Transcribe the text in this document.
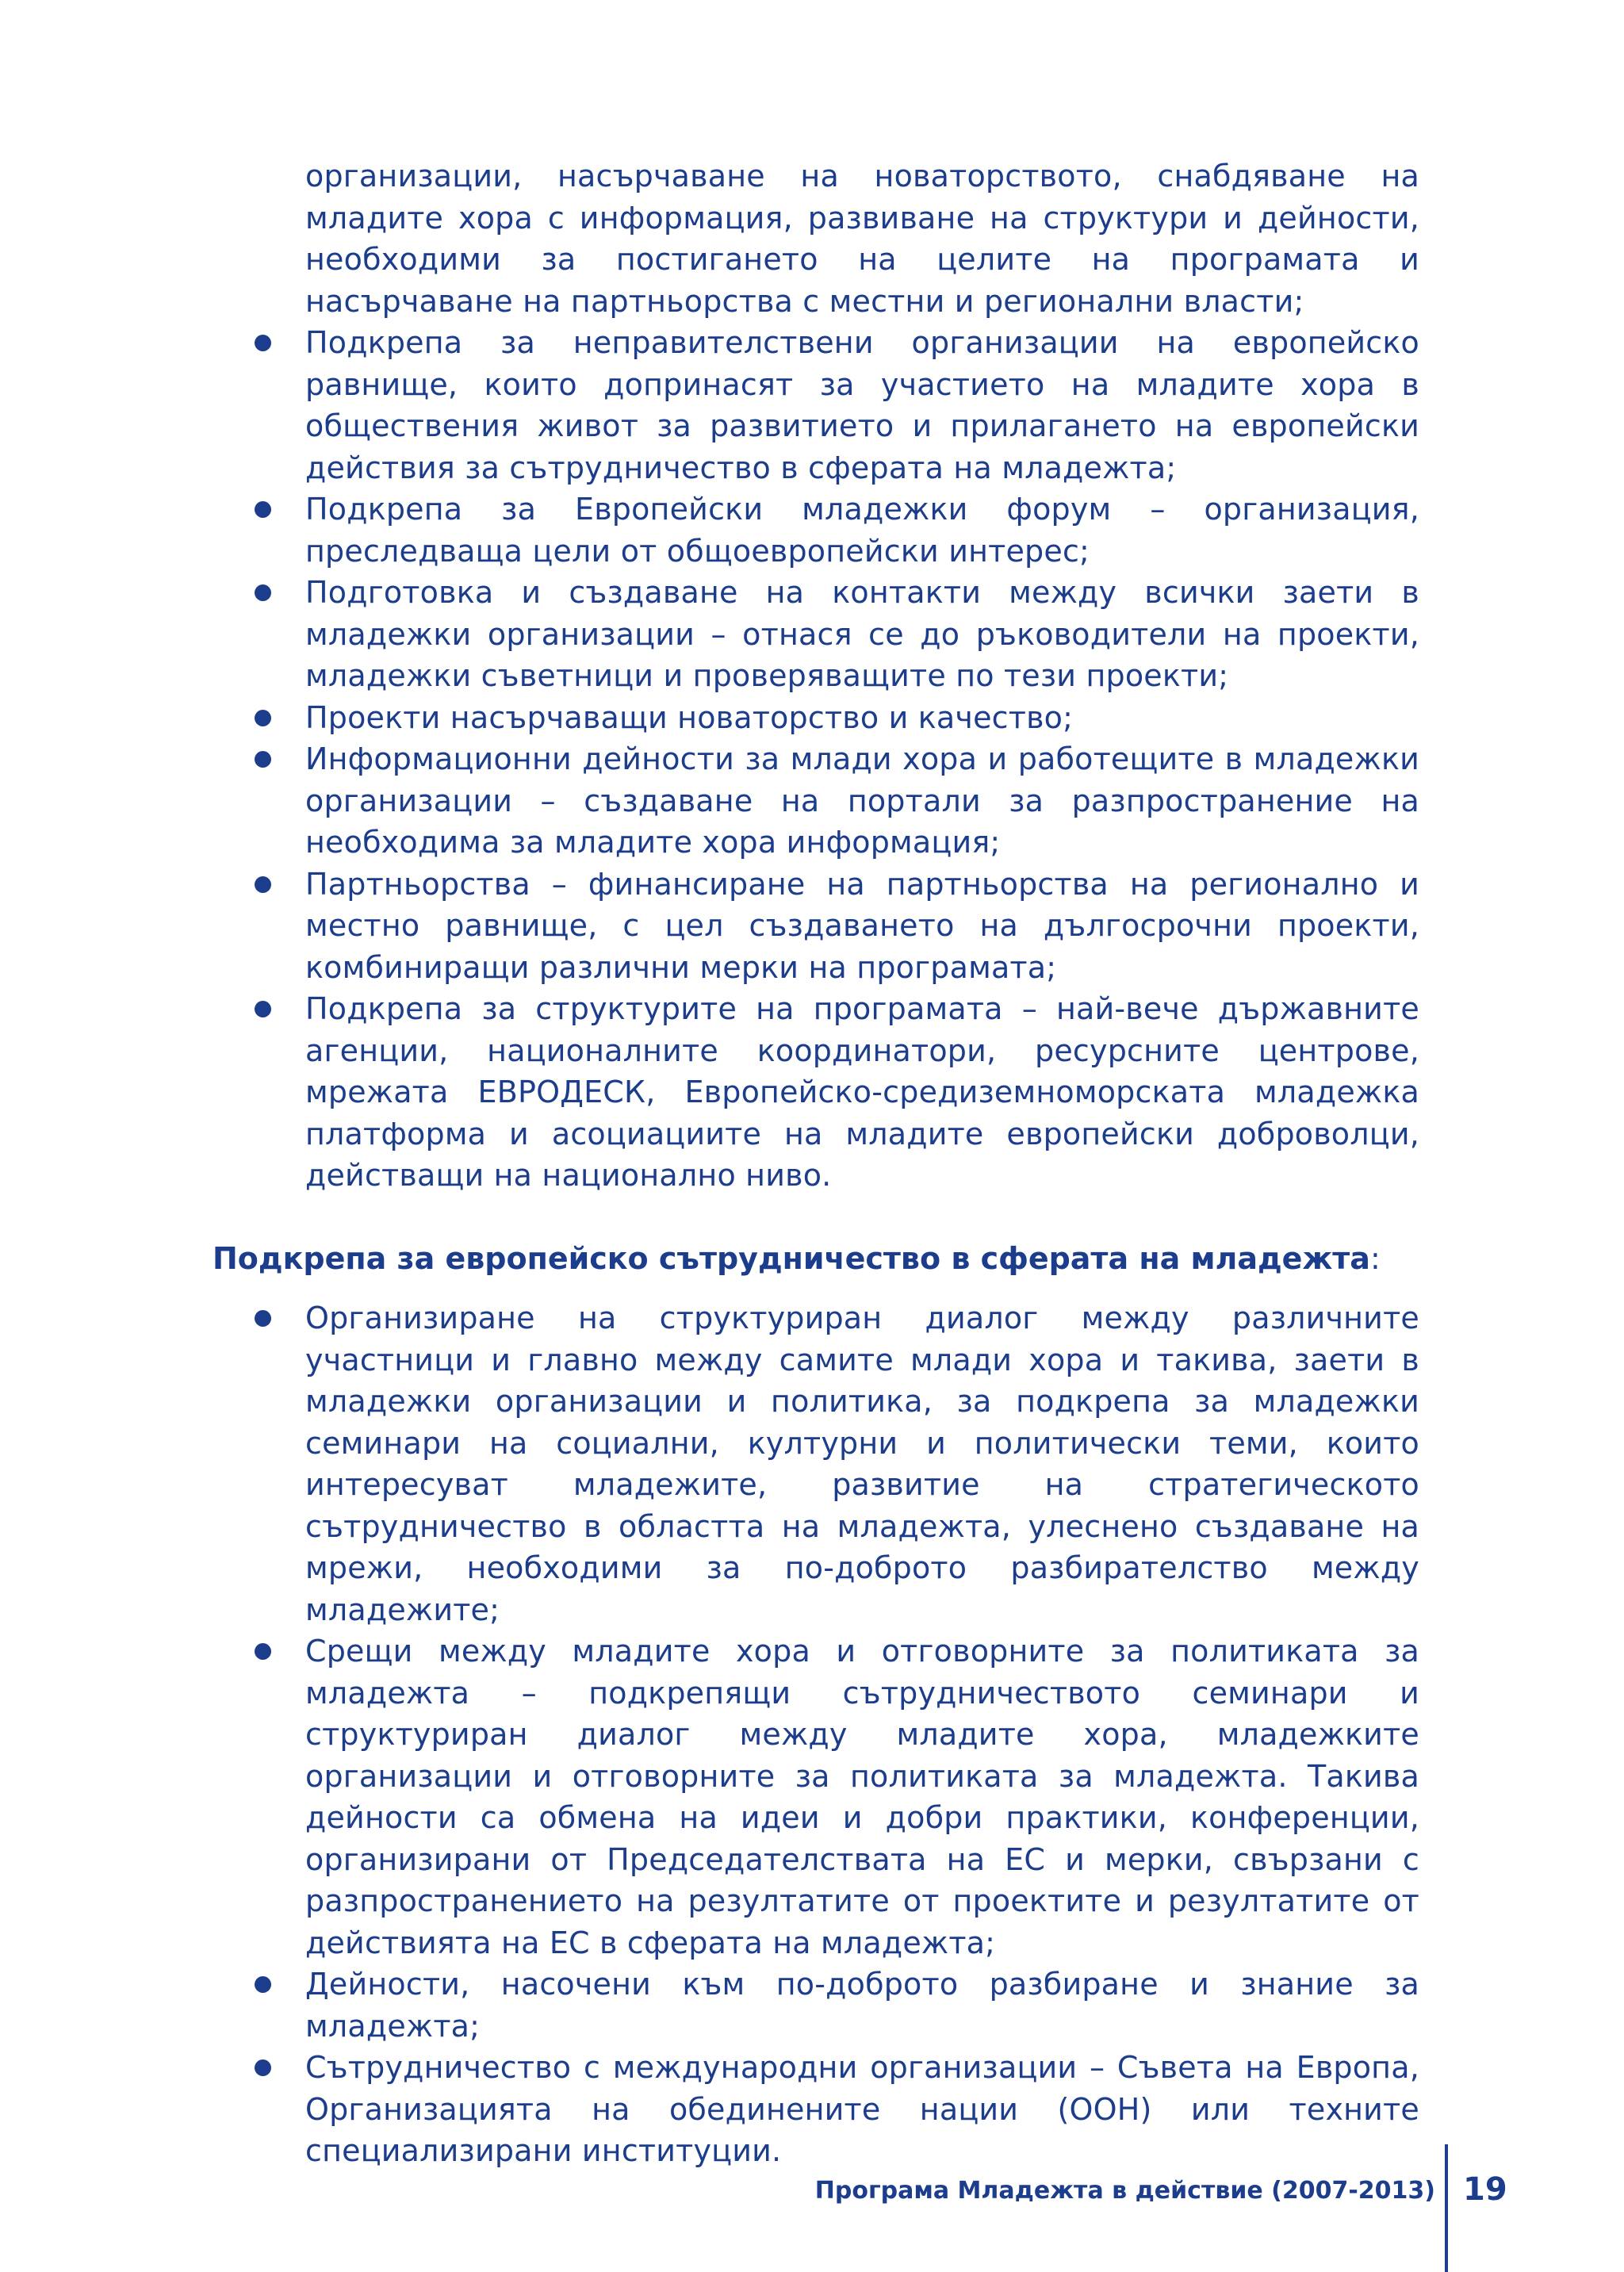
организации, насърчаване на новаторството, снабдяване на младите хора с информация, развиване на структури и дейности, необходими за постигането на целите на програмата и насърчаване на партньорства с местни и регионални власти;
Подкрепа за неправителствени организации на европейско равнище, които допринасят за участието на младите хора в обществения живот за развитието и прилагането на европейски действия за сътрудничество в сферата на младежта;
Подкрепа за Европейски младежки форум – организация, преследваща цели от общоевропейски интерес;
Подготовка и създаване на контакти между всички заети в младежки организации – отнася се до ръководители на проекти, младежки съветници и проверяващите по тези проекти;
Проекти насърчаващи новаторство и качество;
Информационни дейности за млади хора и работещите в младежки организации – създаване на портали за разпространение на необходима за младите хора информация;
Партньорства – финансиране на партньорства на регионално и местно равнище, с цел създаването на дългосрочни проекти, комбиниращи различни мерки на програмата;
Подкрепа за структурите на програмата – най-вече държавните агенции, националните координатори, ресурсните центрове, мрежата ЕВРОДЕСК, Европейско-средиземноморската младежка платформа и асоциациите на младите европейски доброволци, действащи на национално ниво.
Подкрепа за европейско сътрудничество в сферата на младежта:
Организиране на структуриран диалог между различните участници и главно между самите млади хора и такива, заети в младежки организации и политика, за подкрепа за младежки семинари на социални, културни и политически теми, които интересуват младежите, развитие на стратегическото сътрудничество в областта на младежта, улеснено създаване на мрежи, необходими за по-доброто разбирателство между младежите;
Срещи между младите хора и отговорните за политиката за младежта – подкрепящи сътрудничеството семинари и структуриран диалог между младите хора, младежките организации и отговорните за политиката за младежта. Такива дейности са обмена на идеи и добри практики, конференции, организирани от Председателствата на ЕС и мерки, свързани с разпространението на резултатите от проектите и резултатите от действията на ЕС в сферата на младежта;
Дейности, насочени към по-доброто разбиране и знание за младежта;
Сътрудничество с международни организации – Съвета на Европа, Организацията на обединените нации (ООН) или техните специализирани институции.
Програма Младежта в действие (2007-2013) 19
